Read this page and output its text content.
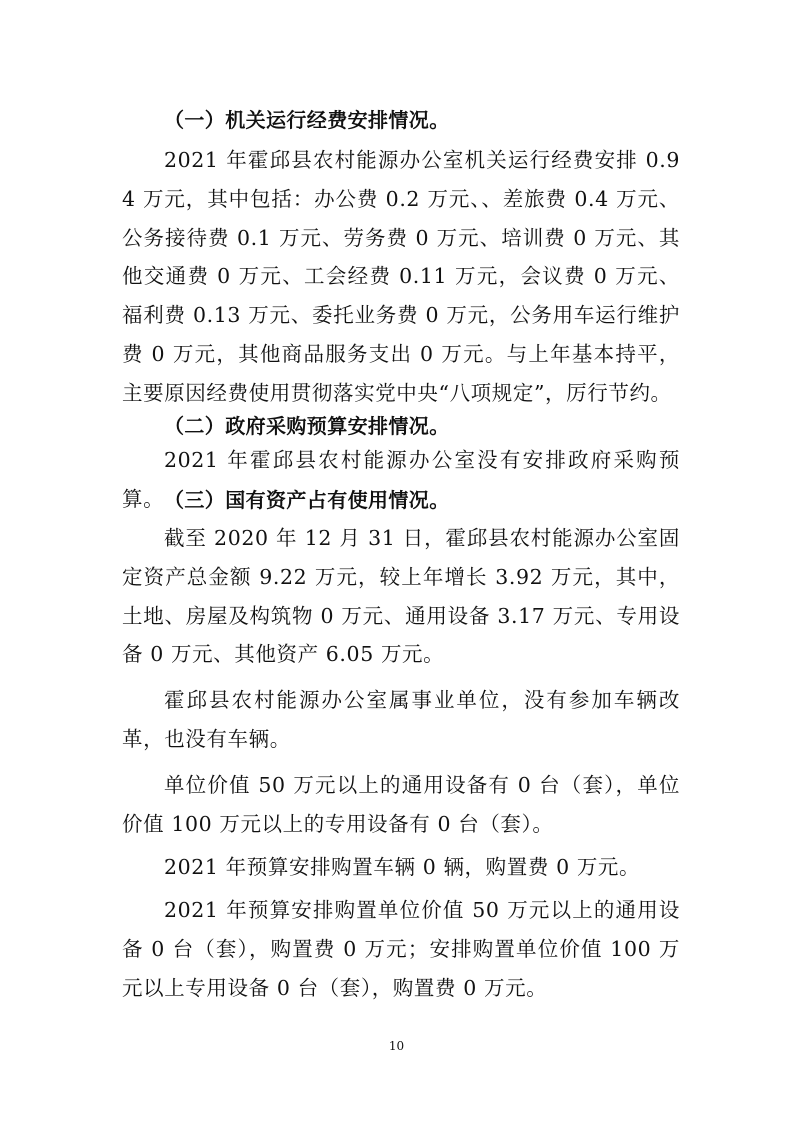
（一）机关运行经费安排情况。

2021 年霍邱县农村能源办公室机关运行经费安排 0.94 万元，其中包括：办公费 0.2 万元、、差旅费 0.4 万元、公务接待费 0.1 万元、劳务费 0 万元、培训费 0 万元、其他交通费 0 万元、工会经费 0.11 万元，会议费 0 万元、福利费 0.13 万元、委托业务费 0 万元，公务用车运行维护费 0 万元，其他商品服务支出 0 万元。与上年基本持平，主要原因经费使用贯彻落实党中央“八项规定”，厉行节约。

（二）政府采购预算安排情况。

2021 年霍邱县农村能源办公室没有安排政府采购预算。 （三）国有资产占有使用情况。

截至 2020 年 12 月 31 日，霍邱县农村能源办公室固定资产总金额 9.22 万元，较上年增长 3.92 万元，其中，土地、房屋及构筑物 0 万元、通用设备 3.17 万元、专用设备 0 万元、其他资产 6.05 万元。

霍邱县农村能源办公室属事业单位，没有参加车辆改革，也没有车辆。

单位价值 50 万元以上的通用设备有 0 台（套），单位价值 100 万元以上的专用设备有 0 台（套）。

2021 年预算安排购置车辆 0 辆，购置费 0 万元。

2021 年预算安排购置单位价值 50 万元以上的通用设备 0 台（套），购置费 0 万元；安排购置单位价值 100 万元以上专用设备 0 台（套），购置费 0 万元。

10
